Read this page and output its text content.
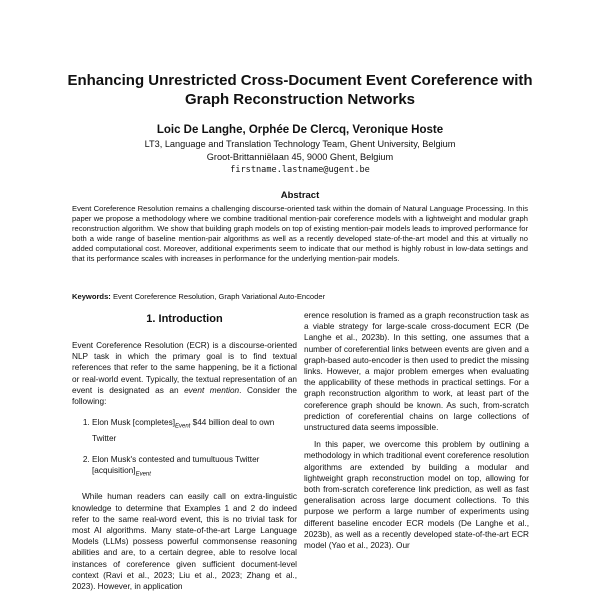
Enhancing Unrestricted Cross-Document Event Coreference with
Graph Reconstruction Networks
Loic De Langhe, Orphée De Clercq, Veronique Hoste
LT3, Language and Translation Technology Team, Ghent University, Belgium
Groot-Brittanniëlaan 45, 9000 Ghent, Belgium
firstname.lastname@ugent.be
Abstract

Event Coreference Resolution remains a challenging discourse-oriented task within the domain of Natural Language Processing. In this paper we propose a methodology where we combine traditional mention-pair coreference models with a lightweight and modular graph reconstruction algorithm. We show that building graph models on top of existing mention-pair models leads to improved performance for both a wide range of baseline mention-pair algorithms as well as a recently developed state-of-the-art model and this at virtually no added computational cost. Moreover, additional experiments seem to indicate that our method is highly robust in low-data settings and that its performance scales with increases in performance for the underlying mention-pair models.

Keywords: Event Coreference Resolution, Graph Variational Auto-Encoder

1. Introduction

Event Coreference Resolution (ECR) is a discourse-oriented NLP task in which the primary goal is to find textual references that refer to the same happening, be it a fictional or real-world event. Typically, the textual representation of an event is designated as an event mention. Consider the following:

1. Elon Musk $[completes]_{Event}$ $44 billion deal to own Twitter
2. Elon Musk's contested and tumultuous Twitter $[acquisition]_{Event}$

While human readers can easily call on extra-linguistic knowledge to determine that Examples 1 and 2 do indeed refer to the same real-word event, this is no trivial task for most AI algorithms. Many state-of-the-art Large Language Models (LLMs) possess powerful commonsense reasoning abilities and are, to a certain degree, able to resolve local instances of coreference given sufficient document-level context (Ravi et al., 2023; Liu et al., 2023; Zhang et al., 2023). However, in application

erence resolution is framed as a graph reconstruction task as a viable strategy for large-scale cross-document ECR (De Langhe et al., 2023b). In this setting, one assumes that a number of coreferential links between events are given and a graph-based auto-encoder is then used to predict the missing links. However, a major problem emerges when evaluating the applicability of these methods in practical settings. For a graph reconstruction algorithm to work, at least part of the coreference graph should be known. As such, from-scratch prediction of coreferential chains on large collections of unstructured data seems impossible.

In this paper, we overcome this problem by outlining a methodology in which traditional event coreference resolution algorithms are extended by building a modular and lightweight graph reconstruction model on top, allowing for both from-scratch coreference link prediction, as well as fast generalisation across large document collections. To this purpose we perform a large number of experiments using different baseline encoder ECR models (De Langhe et al., 2023b), as well as a recently developed state-of-the-art ECR model (Yao et al., 2023). Our
